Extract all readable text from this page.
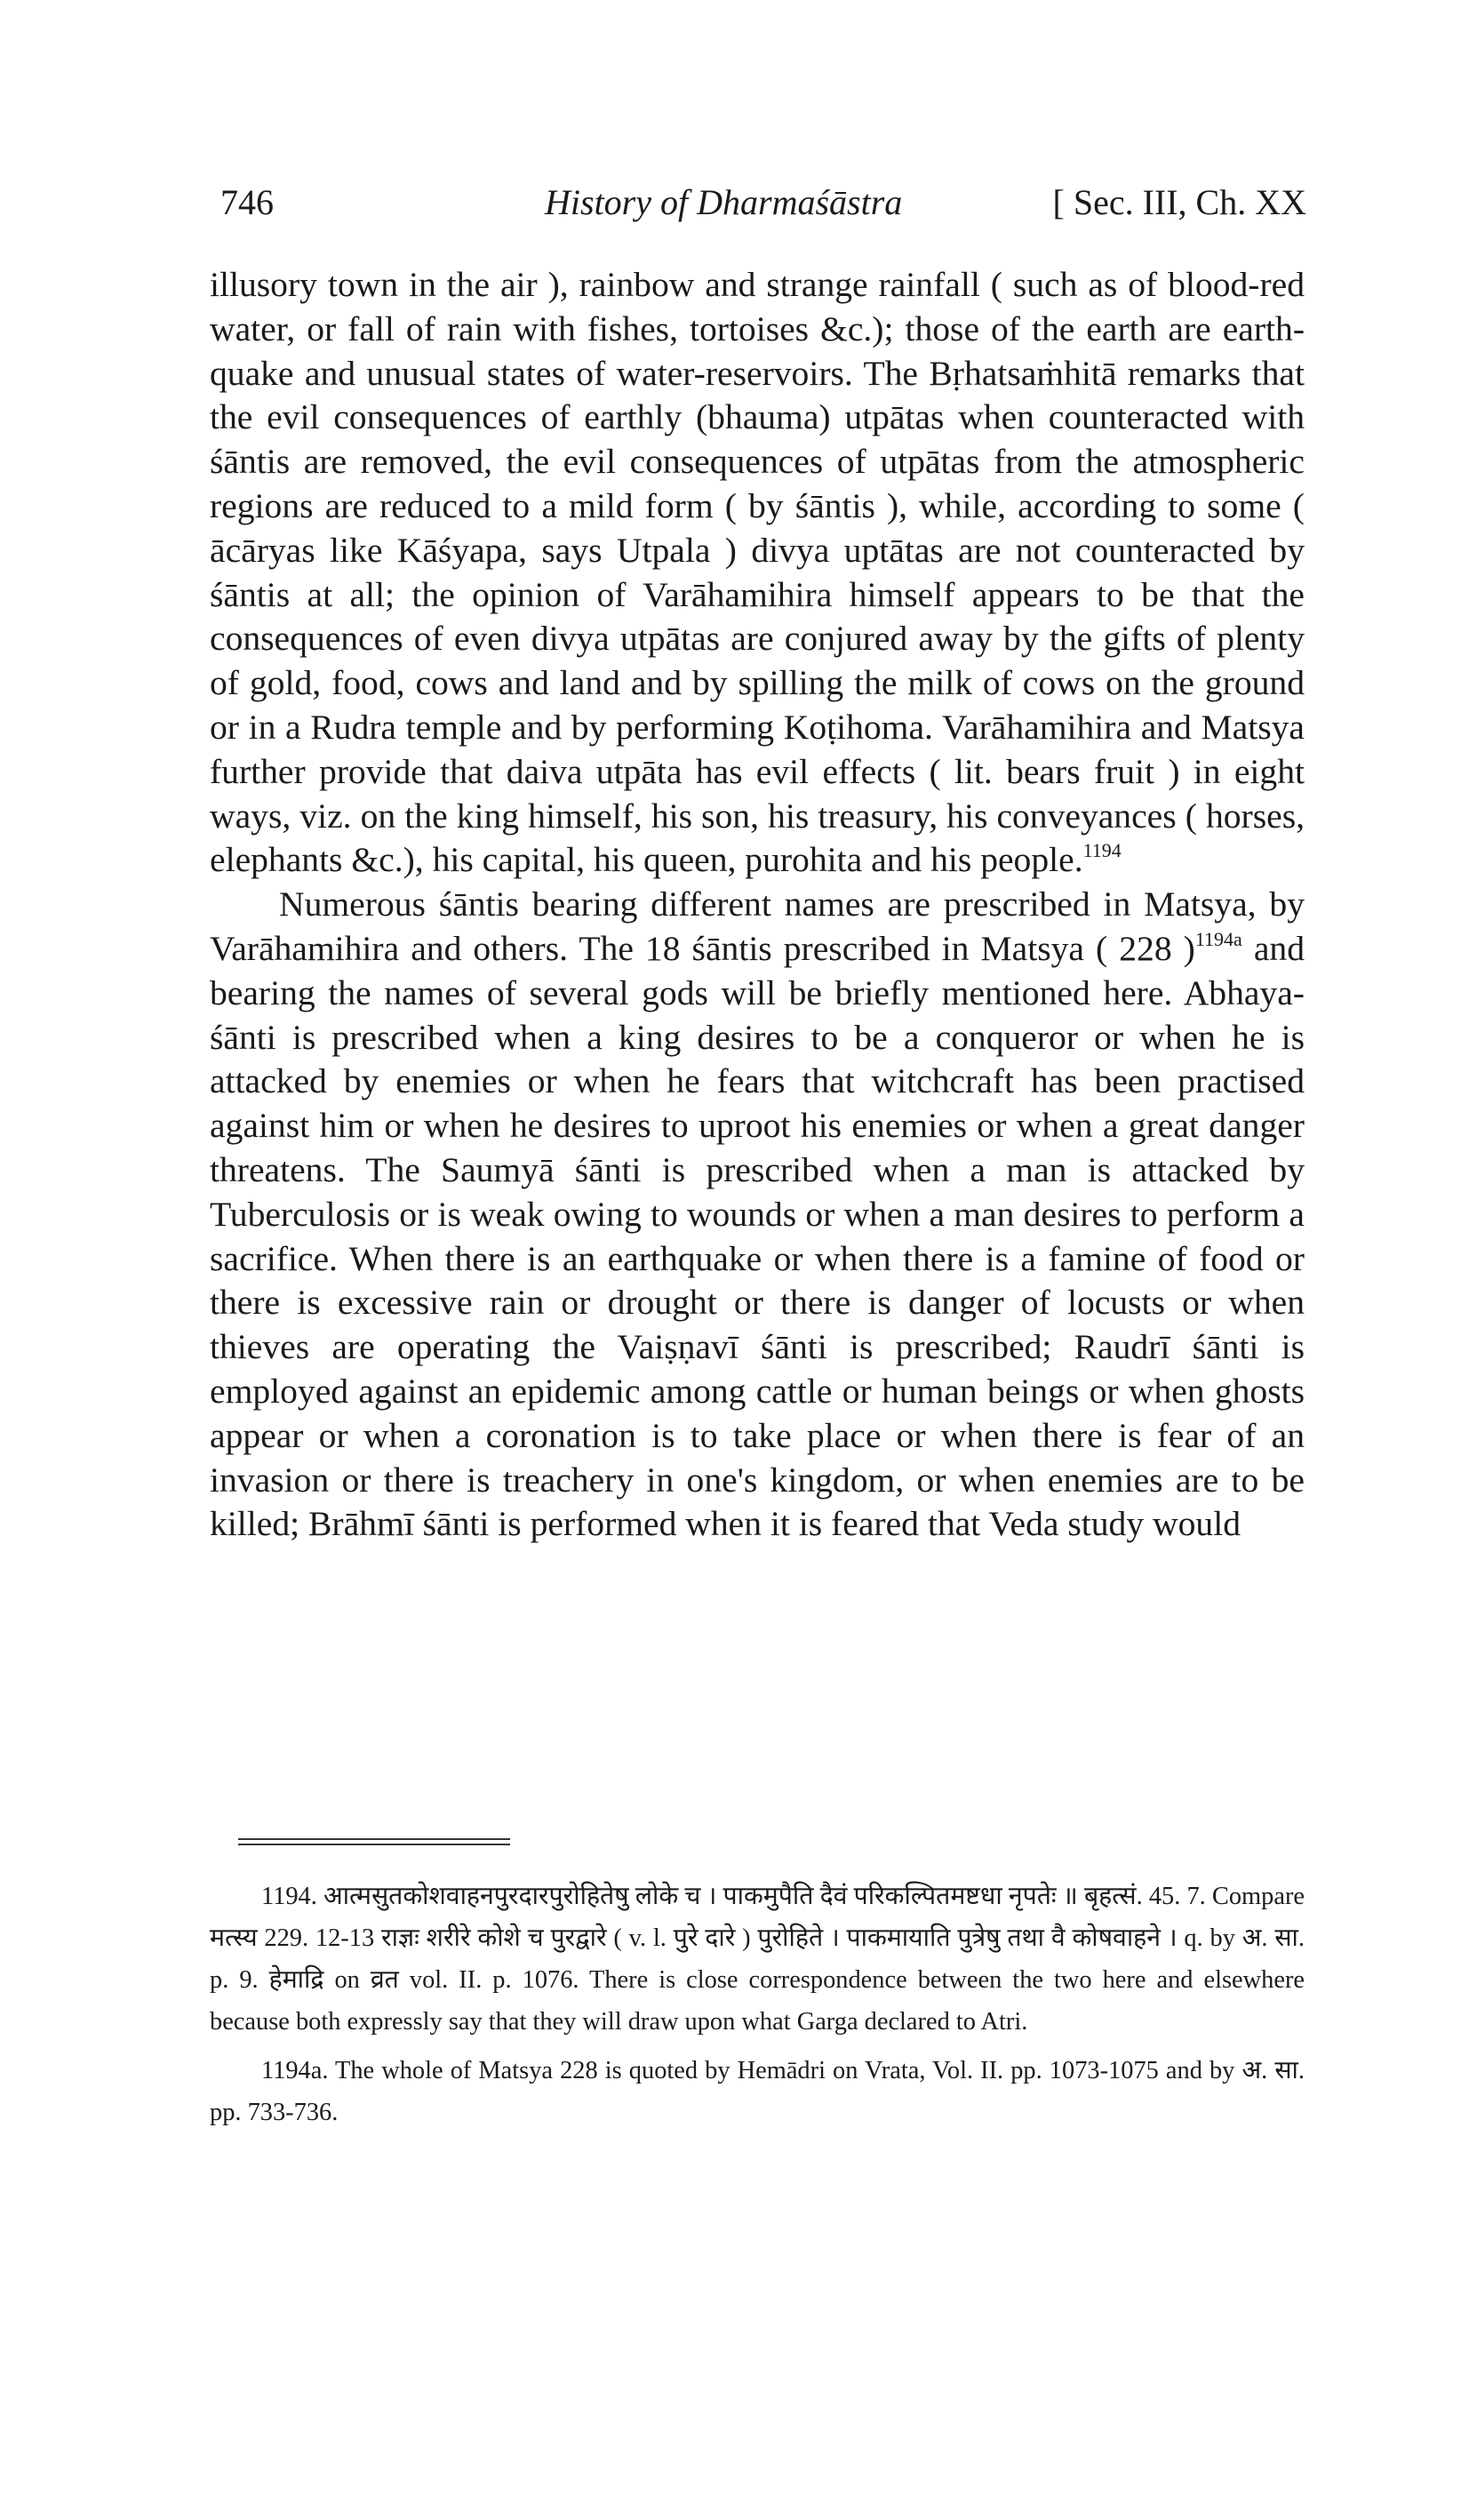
746	History of Dharmaśāstra	[ Sec. III, Ch. XX

illusory town in the air ), rainbow and strange rainfall ( such as of blood-red water, or fall of rain with fishes, tortoises &c.); those of the earth are earth-quake and unusual states of water-reservoirs. The Bṛhatsaṁhitā remarks that the evil consequences of earthly (bhauma) utpātas when counteracted with śāntis are removed, the evil consequences of utpātas from the atmospheric regions are reduced to a mild form ( by śāntis ), while, according to some ( ācāryas like Kāśyapa, says Utpala ) divya uptātas are not counteracted by śāntis at all; the opinion of Varāhamihira himself appears to be that the consequences of even divya utpātas are conjured away by the gifts of plenty of gold, food, cows and land and by spilling the milk of cows on the ground or in a Rudra temple and by performing Koṭihoma. Varāhamihira and Matsya further provide that daiva utpāta has evil effects ( lit. bears fruit ) in eight ways, viz. on the king himself, his son, his treasury, his conveyances ( horses, elephants &c.), his capital, his queen, purohita and his people.$^{1194}$

Numerous śāntis bearing different names are prescribed in Matsya, by Varāhamihira and others. The 18 śāntis prescribed in Matsya ( 228 )$^{1194a}$ and bearing the names of several gods will be briefly mentioned here. Abhaya-śānti is prescribed when a king desires to be a conqueror or when he is attacked by enemies or when he fears that witchcraft has been practised against him or when he desires to uproot his enemies or when a great danger threatens. The Saumyā śānti is prescribed when a man is attacked by Tuberculosis or is weak owing to wounds or when a man desires to perform a sacrifice. When there is an earthquake or when there is a famine of food or there is excessive rain or drought or there is danger of locusts or when thieves are operating the Vaiṣṇavī śānti is prescribed; Raudrī śānti is employed against an epidemic among cattle or human beings or when ghosts appear or when a coronation is to take place or when there is fear of an invasion or there is treachery in one's kingdom, or when enemies are to be killed; Brāhmī śānti is performed when it is feared that Veda study would

1194. आत्मसुतकोशवाहनपुरदारपुरोहितेषु लोके च । पाकमुपैति दैवं परिकल्पितमष्टधा नृपतेः ॥ बृहत्सं. 45. 7. Compare मत्स्य 229. 12-13 राज्ञः शरीरे कोशे च पुरद्वारे ( v. l. पुरे दारे ) पुरोहिते । पाकमायाति पुत्रेषु तथा वै कोषवाहने । q. by अ. सा. p. 9. हेमाद्रि on व्रत vol. II. p. 1076. There is close correspondence between the two here and elsewhere because both expressly say that they will draw upon what Garga declared to Atri.

1194a. The whole of Matsya 228 is quoted by Hemādri on Vrata, Vol. II. pp. 1073-1075 and by अ. सा. pp. 733-736.
